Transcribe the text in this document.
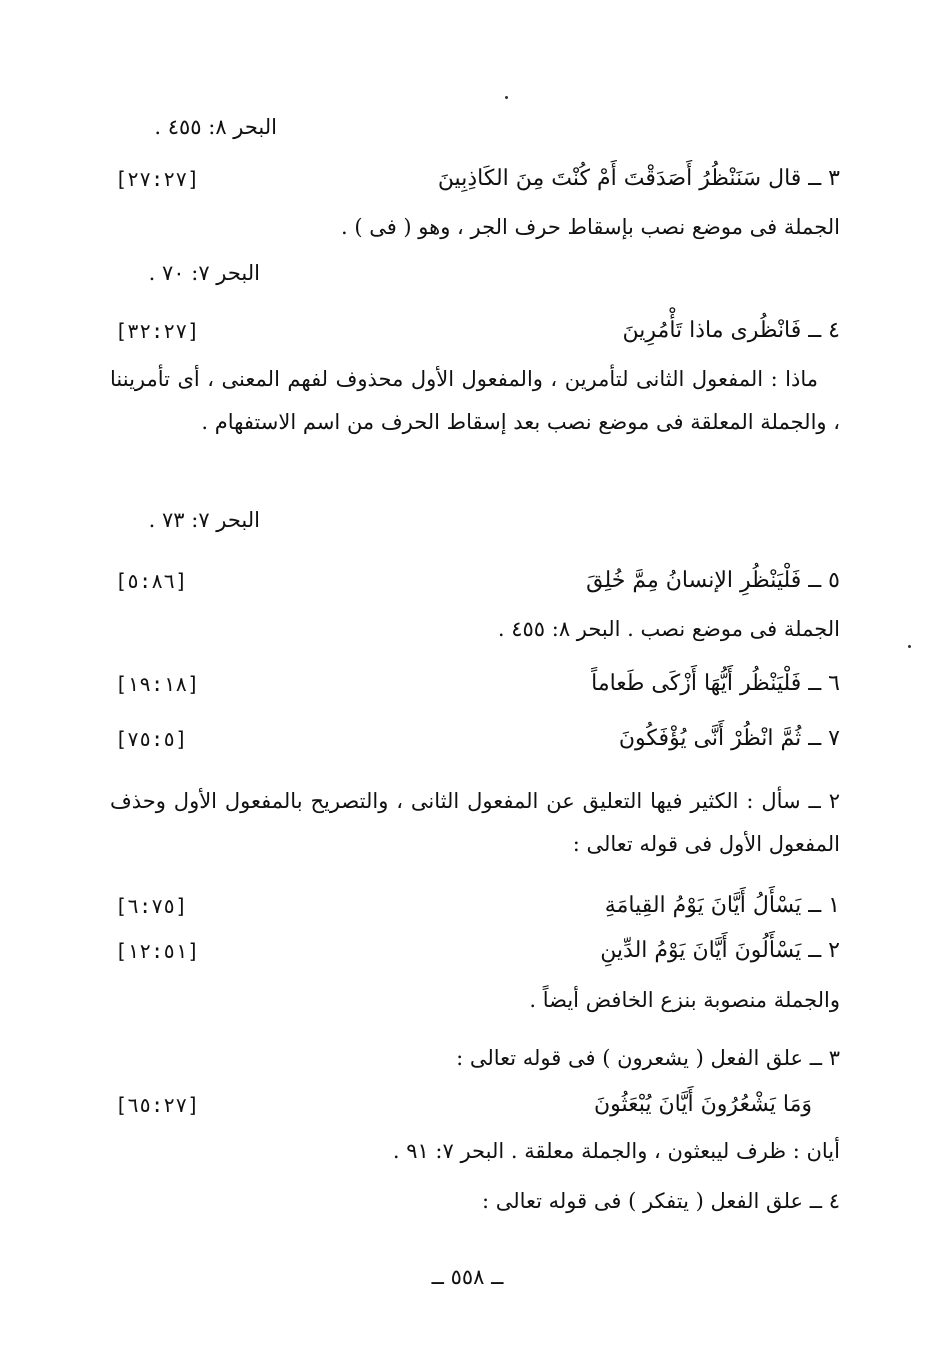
البحر ٨: ٤٥٥ .
٣ ــ قال سَنَنْظُرُ أَصَدَقْتَ أَمْ كُنْتَ مِنَ الكَاذِبِينَ
[٢٧:٢٧]
الجملة فى موضع نصب بإسقاط حرف الجر ، وهو ( فى ) .
البحر ٧: ٧٠ .
٤ ــ فَانْظُرى ماذا تَأْمُرِينَ
[٣٢:٢٧]
ماذا : المفعول الثانى لتأمرين ، والمفعول الأول محذوف لفهم المعنى ، أى تأمريننا ، والجملة المعلقة فى موضع نصب بعد إسقاط الحرف من اسم الاستفهام .
البحر ٧: ٧٣ .
٥ ــ فَلْيَنْظُرِ الإنسانُ مِمَّ خُلِقَ
[٥:٨٦]
الجملة فى موضع نصب . البحر ٨: ٤٥٥ .
٦ ــ فَلْيَنْظُر أَيُّهَا أَزْكَى طَعاماً
[١٩:١٨]
٧ ــ ثُمَّ انْظُرْ أَنَّى يُؤْفَكُونَ
[٧٥:٥]
٢ ــ سأل : الكثير فيها التعليق عن المفعول الثانى ، والتصريح بالمفعول الأول وحذف المفعول الأول فى قوله تعالى :
١ ــ يَسْأَلُ أَيَّانَ يَوْمُ القِيامَةِ
[٦:٧٥]
٢ ــ يَسْأَلُونَ أَيَّانَ يَوْمُ الدِّينِ
[١٢:٥١]
والجملة منصوبة بنزع الخافض أيضاً .
٣ ــ علق الفعل ( يشعرون ) فى قوله تعالى :
وَمَا يَشْعُرُونَ أَيَّانَ يُبْعَثُونَ
[٦٥:٢٧]
أيان : ظرف ليبعثون ، والجملة معلقة . البحر ٧: ٩١ .
٤ ــ علق الفعل ( يتفكر ) فى قوله تعالى :
ــ ٥٥٨ ــ
